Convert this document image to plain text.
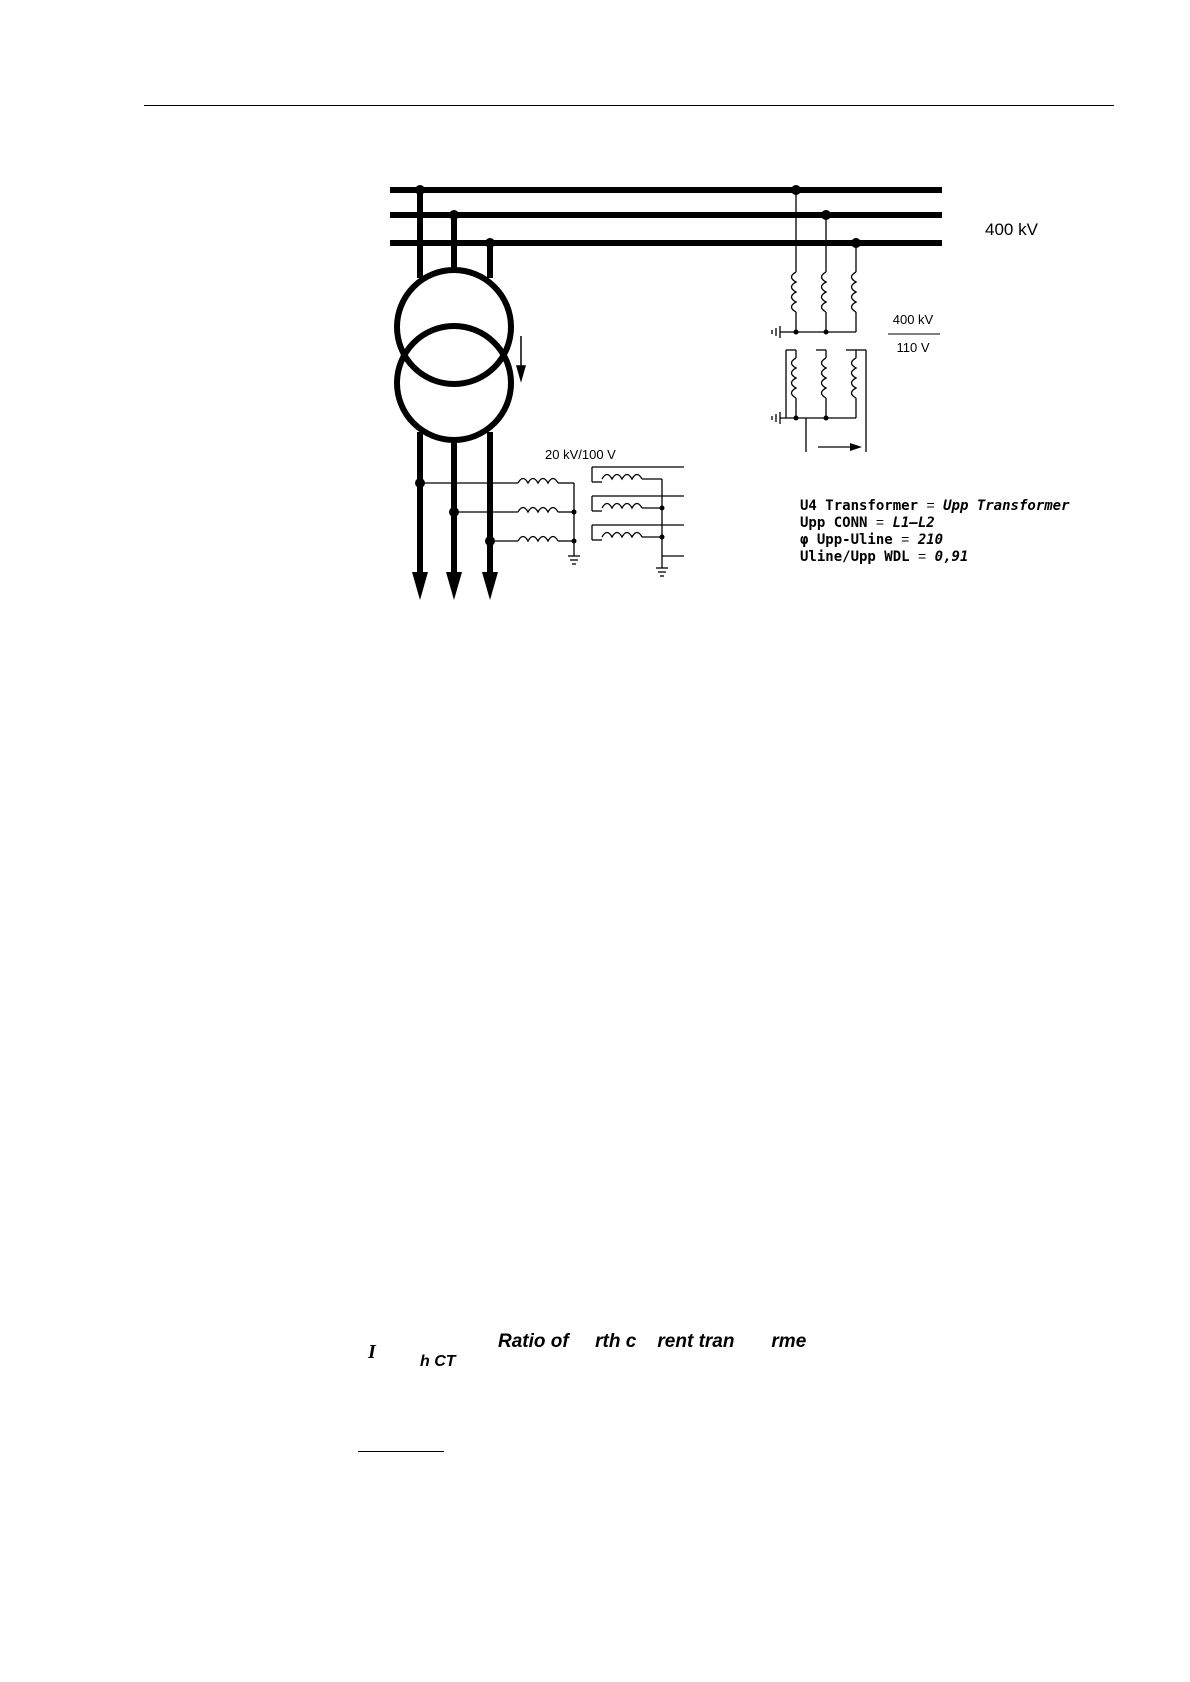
400 kV
20 kV/100 V
400 kV
110 V
U4 Transformer = Upp Transformer
Upp CONN = L1–L2
φ Upp-Uline = 210
Uline/Upp WDL = 0,91
I	h CT
Ratio of     rth c    rent tran       rme
